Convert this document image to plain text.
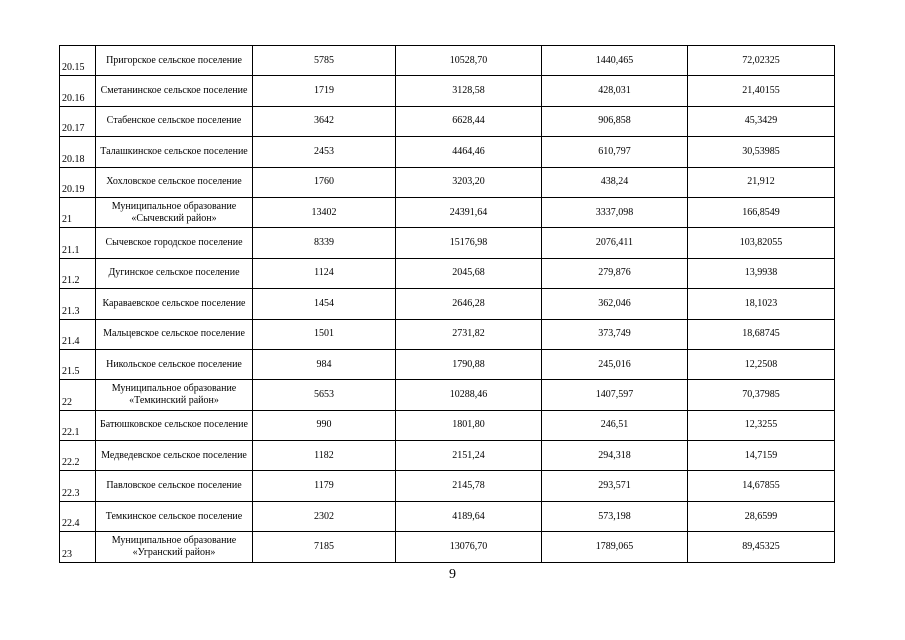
20.15	Пригорское сельское поселение	5785	10528,70	1440,465	72,02325
20.16	Сметанинское сельское поселение	1719	3128,58	428,031	21,40155
20.17	Стабенское сельское поселение	3642	6628,44	906,858	45,3429
20.18	Талашкинское сельское поселение	2453	4464,46	610,797	30,53985
20.19	Хохловское сельское поселение	1760	3203,20	438,24	21,912
21	Муниципальное образование «Сычевский район»	13402	24391,64	3337,098	166,8549
21.1	Сычевское городское поселение	8339	15176,98	2076,411	103,82055
21.2	Дугинское сельское поселение	1124	2045,68	279,876	13,9938
21.3	Караваевское сельское поселение	1454	2646,28	362,046	18,1023
21.4	Мальцевское сельское поселение	1501	2731,82	373,749	18,68745
21.5	Никольское сельское поселение	984	1790,88	245,016	12,2508
22	Муниципальное образование «Темкинский район»	5653	10288,46	1407,597	70,37985
22.1	Батюшковское сельское поселение	990	1801,80	246,51	12,3255
22.2	Медведевское сельское поселение	1182	2151,24	294,318	14,7159
22.3	Павловское сельское поселение	1179	2145,78	293,571	14,67855
22.4	Темкинское сельское поселение	2302	4189,64	573,198	28,6599
23	Муниципальное образование «Угранский район»	7185	13076,70	1789,065	89,45325
9
